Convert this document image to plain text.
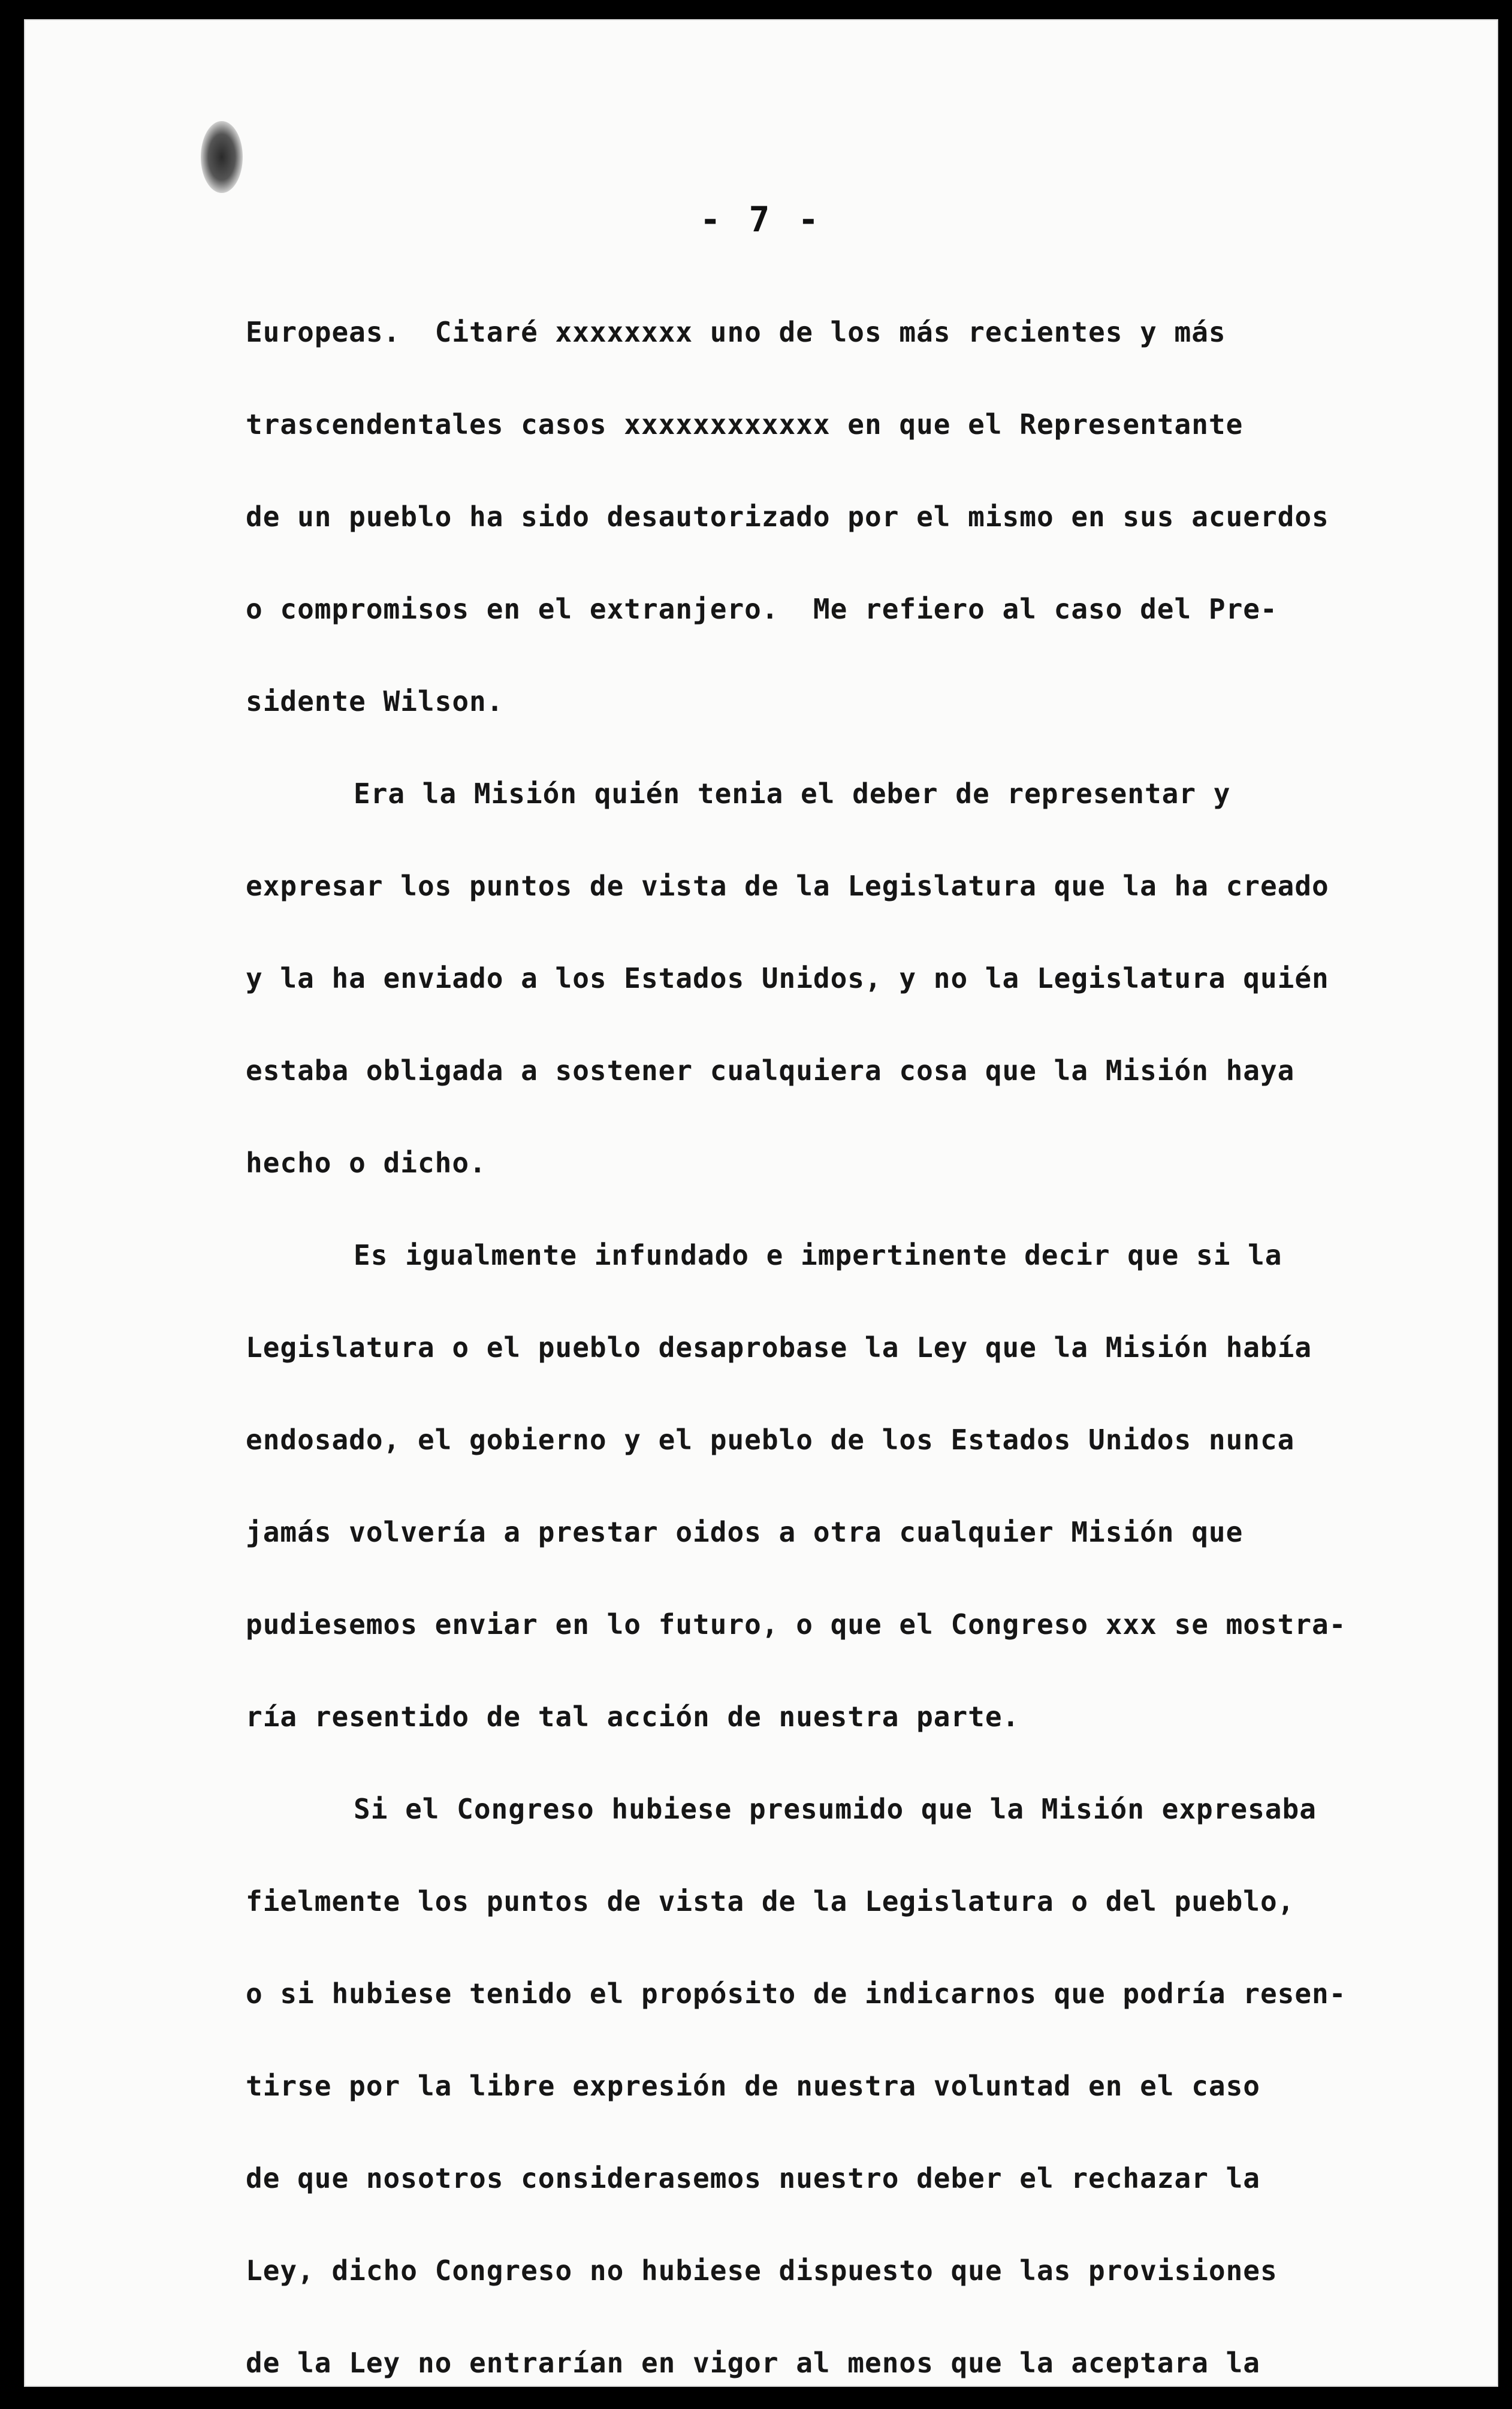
- 7 -
Europeas.  Citaré xxxxxxxx uno de los más recientes y más
trascendentales casos xxxxxxxxxxxx en que el Representante
de un pueblo ha sido desautorizado por el mismo en sus acuerdos
o compromisos en el extranjero.  Me refiero al caso del Pre-
sidente Wilson.
Era la Misión quién tenia el deber de representar y
expresar los puntos de vista de la Legislatura que la ha creado
y la ha enviado a los Estados Unidos, y no la Legislatura quién
estaba obligada a sostener cualquiera cosa que la Misión haya
hecho o dicho.
Es igualmente infundado e impertinente decir que si la
Legislatura o el pueblo desaprobase la Ley que la Misión había
endosado, el gobierno y el pueblo de los Estados Unidos nunca
jamás volvería a prestar oidos a otra cualquier Misión que
pudiesemos enviar en lo futuro, o que el Congreso xxx se mostra-
ría resentido de tal acción de nuestra parte.
Si el Congreso hubiese presumido que la Misión expresaba
fielmente los puntos de vista de la Legislatura o del pueblo,
o si hubiese tenido el propósito de indicarnos que podría resen-
tirse por la libre expresión de nuestra voluntad en el caso
de que nosotros considerasemos nuestro deber el rechazar la
Ley, dicho Congreso no hubiese dispuesto que las provisiones
de la Ley no entrarían en vigor al menos que la aceptara la
